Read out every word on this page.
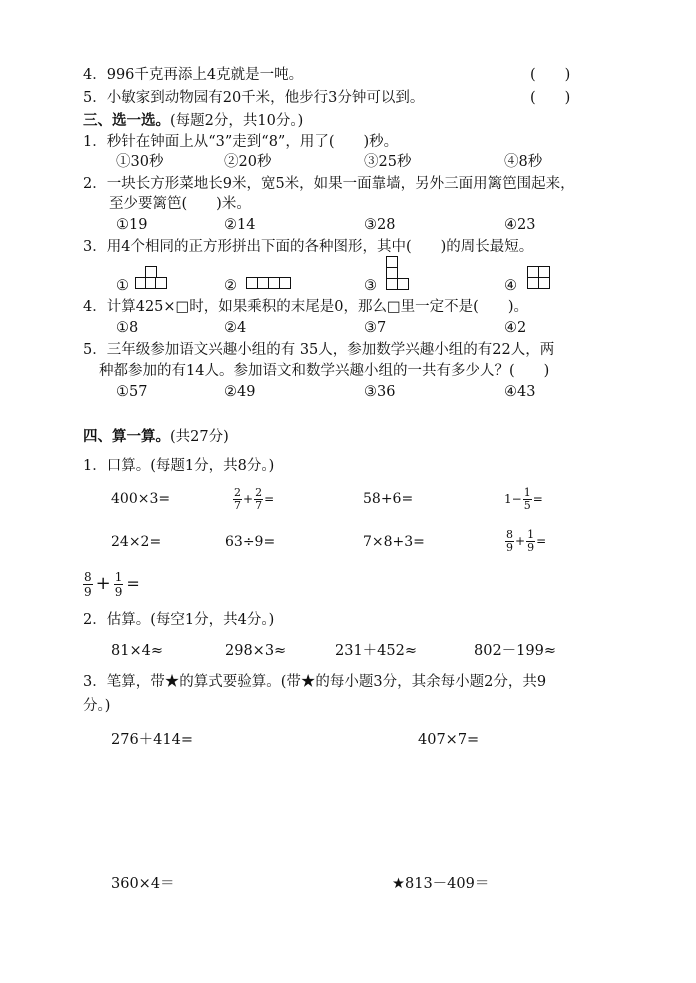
4．996千克再添上4克就是一吨。	(　　)
5．小敏家到动物园有20千米，他步行3分钟可以到。	(　　)
三、选一选。(每题2分，共10分。)
1．秒针在钟面上从“3”走到“8”，用了(　　)秒。
①30秒	②20秒	③25秒	④8秒
2．一块长方形菜地长9米，宽5米，如果一面靠墙，另外三面用篱笆围起来，
至少要篱笆(　　)米。
①19	②14	③28	④23
3．用4个相同的正方形拼出下面的各种图形，其中(　　)的周长最短。
①	②	③	④
4．计算425×□时，如果乘积的末尾是0，那么□里一定不是(　　)。
①8	②4	③7	④2
5．三年级参加语文兴趣小组的有 35人，参加数学兴趣小组的有22人，两
种都参加的有14人。参加语文和数学兴趣小组的一共有多少人？(　　)
①57	②49	③36	④43
四、算一算。(共27分)
1．口算。(每题1分，共8分。)
400×3=	$\frac{2}{7} + \frac{2}{7}$ =	58+6=	$1- \frac{1}{5}$ =
24×2=	63÷9=	7×8+3=	$\frac{8}{9} + \frac{1}{9}$ =
$\frac{8}{9} + \frac{1}{9}$ =
2．估算。(每空1分，共4分。)
81×4≈	298×3≈	231＋452≈	802－199≈
3．笔算，带★的算式要验算。(带★的每小题3分，其余每小题2分，共9
分。)
276＋414=	407×7=
360×4＝	★813－409＝
